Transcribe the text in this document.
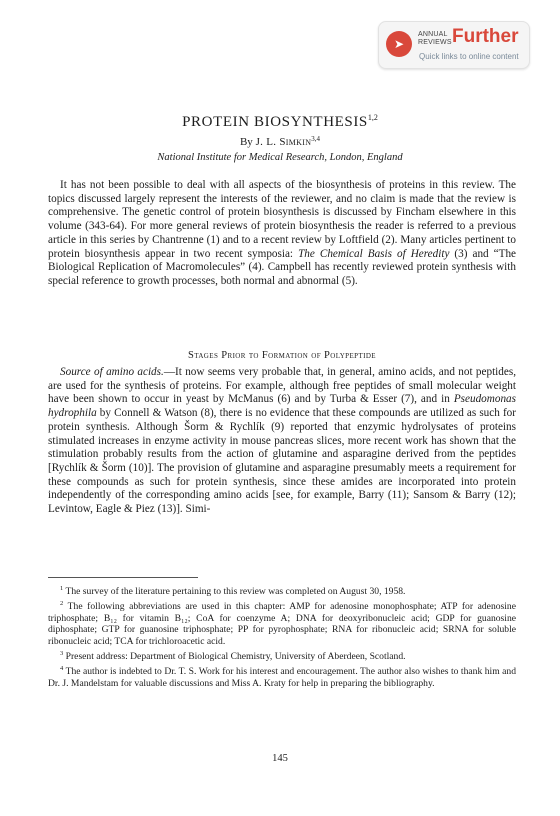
➤
ANNUAL
REVIEWS Further
Quick links to online content
PROTEIN BIOSYNTHESIS$^{1,2}$
By J. L. Simkin$^{3,4}$
National Institute for Medical Research, London, England

It has not been possible to deal with all aspects of the biosynthesis of proteins in this review. The topics discussed largely represent the interests of the reviewer, and no claim is made that the review is comprehensive. The genetic control of protein biosynthesis is discussed by Fincham elsewhere in this volume (343-64). For more general reviews of protein biosynthesis the reader is referred to a previous article in this series by Chantrenne (1) and to a recent review by Loftfield (2). Many articles pertinent to protein biosynthesis appear in two recent symposia: The Chemical Basis of Heredity (3) and “The Biological Replication of Macromolecules” (4). Campbell has recently reviewed protein synthesis with special reference to growth processes, both normal and abnormal (5).

Stages Prior to Formation of Polypeptide

Source of amino acids.—It now seems very probable that, in general, amino acids, and not peptides, are used for the synthesis of proteins. For example, although free peptides of small molecular weight have been shown to occur in yeast by McManus (6) and by Turba & Esser (7), and in Pseudomonas hydrophila by Connell & Watson (8), there is no evidence that these compounds are utilized as such for protein synthesis. Although Šorm & Rychlík (9) reported that enzymic hydrolysates of proteins stimulated increases in enzyme activity in mouse pancreas slices, more recent work has shown that the stimulation probably results from the action of glutamine and asparagine derived from the peptides [Rychlík & Šorm (10)]. The provision of glutamine and asparagine presumably meets a requirement for these compounds as such for protein synthesis, since these amides are incorporated into protein independently of the corresponding amino acids [see, for example, Barry (11); Sansom & Barry (12); Levintow, Eagle & Piez (13)]. Simi-

$^1$ The survey of the literature pertaining to this review was completed on August 30, 1958.

$^2$ The following abbreviations are used in this chapter: AMP for adenosine monophosphate; ATP for adenosine triphosphate; B₁₂ for vitamin B₁₂; CoA for coenzyme A; DNA for deoxyribonucleic acid; GDP for guanosine diphosphate; GTP for guanosine triphosphate; PP for pyrophosphate; RNA for ribonucleic acid; SRNA for soluble ribonucleic acid; TCA for trichloroacetic acid.

$^3$ Present address: Department of Biological Chemistry, University of Aberdeen, Scotland.

$^4$ The author is indebted to Dr. T. S. Work for his interest and encouragement. The author also wishes to thank him and Dr. J. Mandelstam for valuable discussions and Miss A. Kraty for help in preparing the bibliography.

145
